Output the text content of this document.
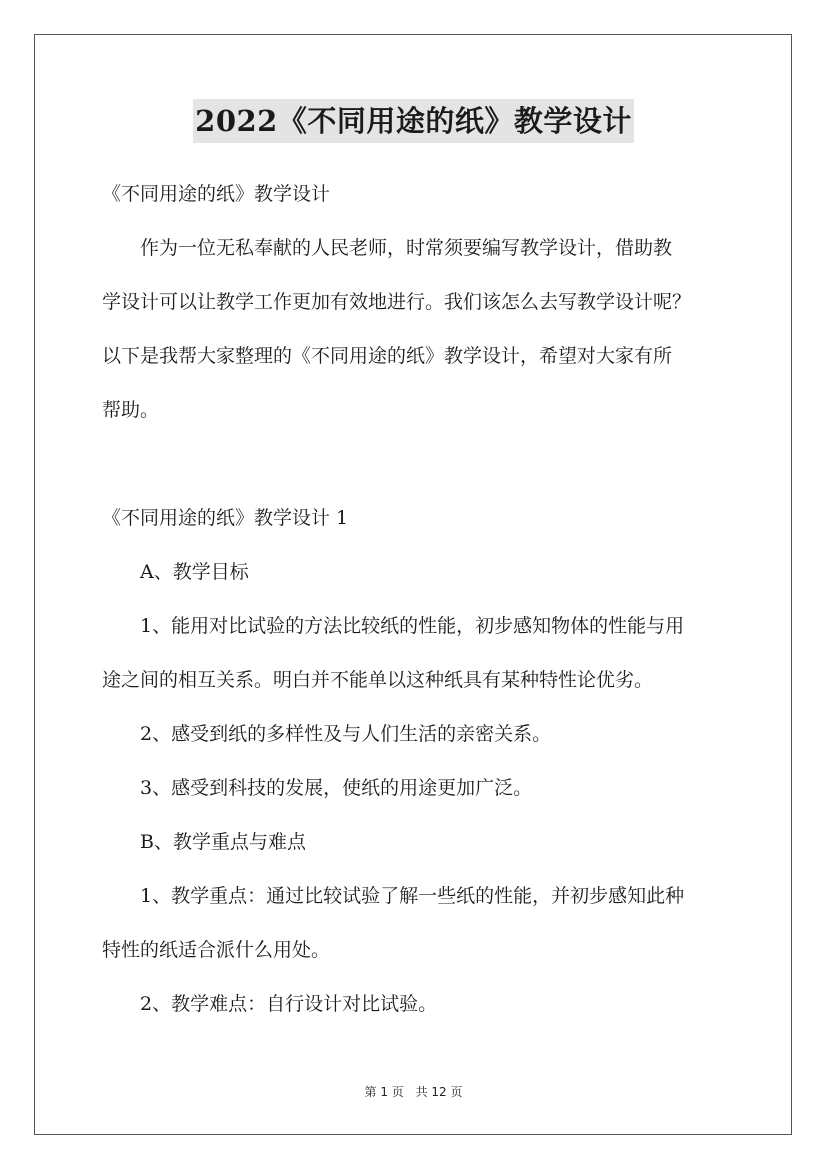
2022《不同用途的纸》教学设计

《不同用途的纸》教学设计

作为一位无私奉献的人民老师，时常须要编写教学设计，借助教

学设计可以让教学工作更加有效地进行。我们该怎么去写教学设计呢？

以下是我帮大家整理的《不同用途的纸》教学设计，希望对大家有所

帮助。

《不同用途的纸》教学设计 1

A、教学目标

1、能用对比试验的方法比较纸的性能，初步感知物体的性能与用

途之间的相互关系。明白并不能单以这种纸具有某种特性论优劣。

2、感受到纸的多样性及与人们生活的亲密关系。

3、感受到科技的发展，使纸的用途更加广泛。

B、教学重点与难点

1、教学重点：通过比较试验了解一些纸的性能，并初步感知此种

特性的纸适合派什么用处。

2、教学难点：自行设计对比试验。

第 1 页 共 12 页
